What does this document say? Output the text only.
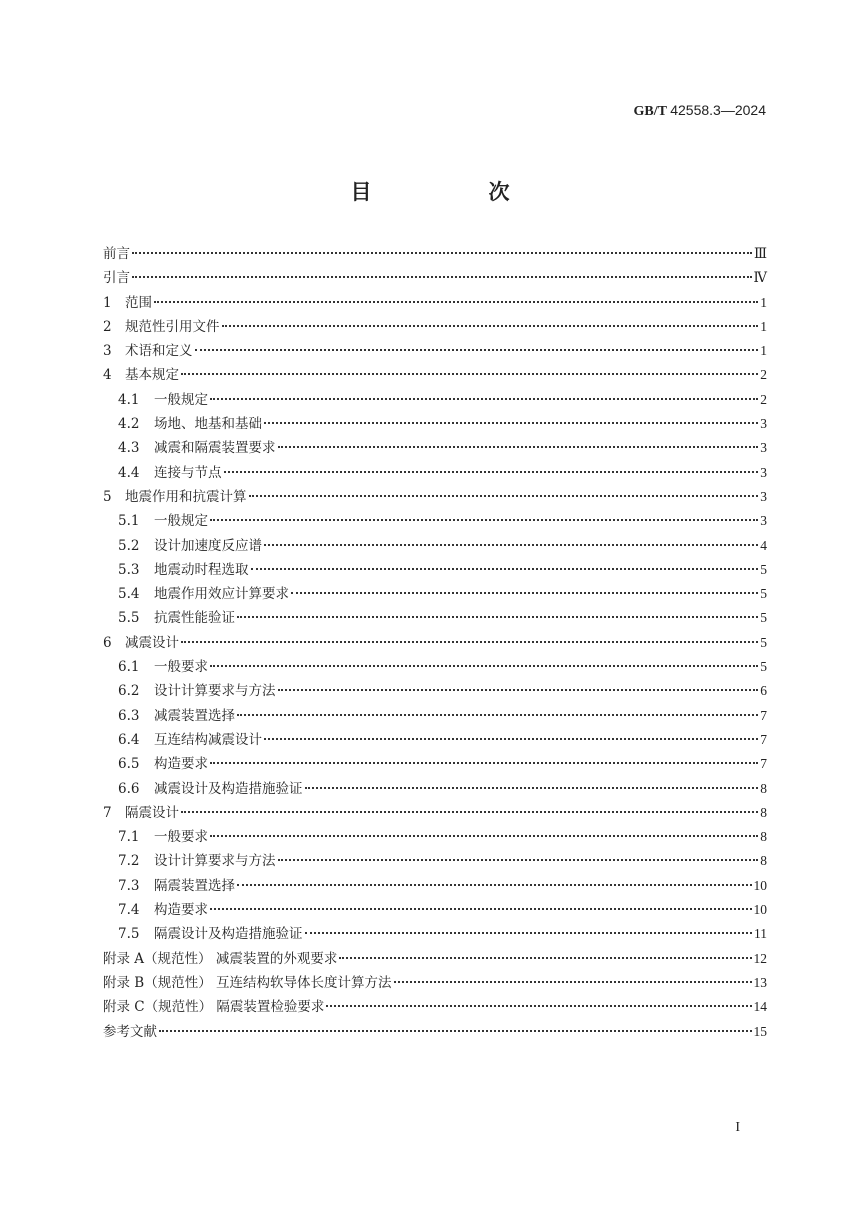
GB/T 42558.3—2024
目　次
前言	Ⅲ
引言	Ⅳ
1 范围	1
2 规范性引用文件	1
3 术语和定义	1
4 基本规定	2
4.1 一般规定	2
4.2 场地、地基和基础	3
4.3 减震和隔震装置要求	3
4.4 连接与节点	3
5 地震作用和抗震计算	3
5.1 一般规定	3
5.2 设计加速度反应谱	4
5.3 地震动时程选取	5
5.4 地震作用效应计算要求	5
5.5 抗震性能验证	5
6 减震设计	5
6.1 一般要求	5
6.2 设计计算要求与方法	6
6.3 减震装置选择	7
6.4 互连结构减震设计	7
6.5 构造要求	7
6.6 减震设计及构造措施验证	8
7 隔震设计	8
7.1 一般要求	8
7.2 设计计算要求与方法	8
7.3 隔震装置选择	10
7.4 构造要求	10
7.5 隔震设计及构造措施验证	11
附录 A（规范性） 减震装置的外观要求	12
附录 B（规范性） 互连结构软导体长度计算方法	13
附录 C（规范性） 隔震装置检验要求	14
参考文献	15
I
